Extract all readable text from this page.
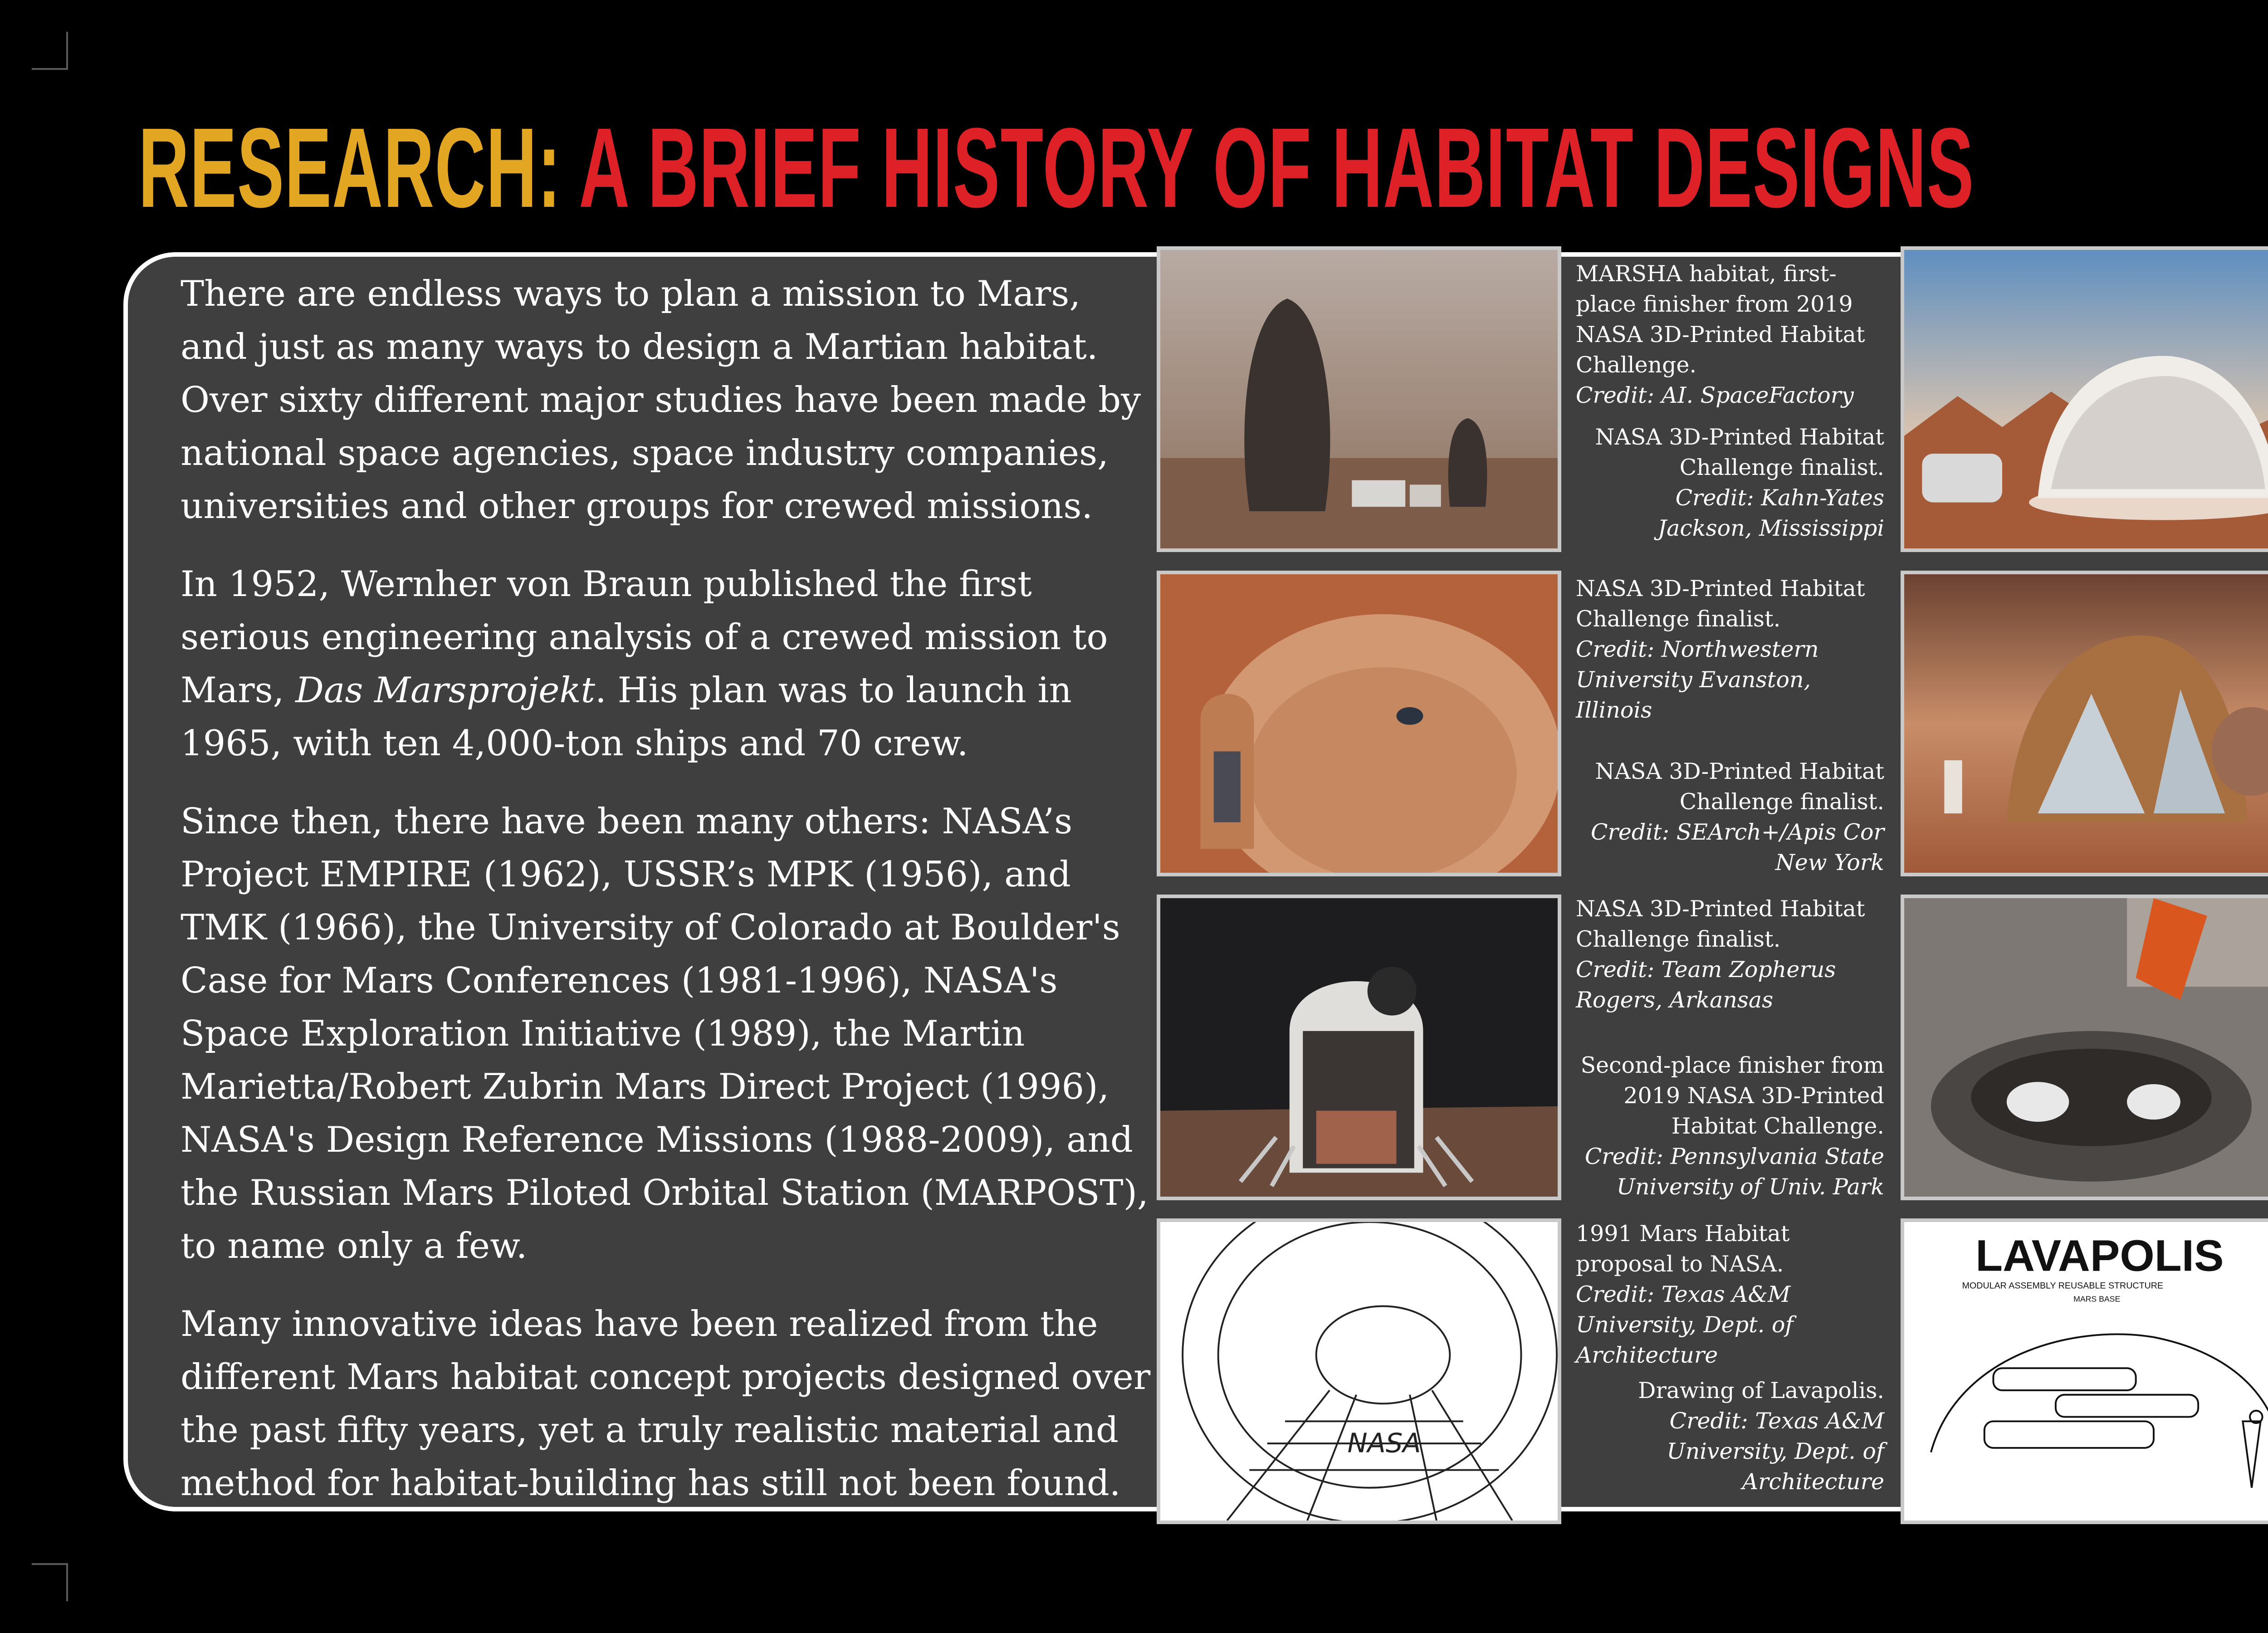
RESEARCH: A BRIEF HISTORY OF HABITAT DESIGNS

There are endless ways to plan a mission to Mars, and just as many ways to design a Martian habitat. Over sixty different major studies have been made by national space agencies, space industry companies, universities and other groups for crewed missions.

In 1952, Wernher von Braun published the first serious engineering analysis of a crewed mission to Mars, Das Marsprojekt. His plan was to launch in 1965, with ten 4,000-ton ships and 70 crew.

Since then, there have been many others: NASA’s Project EMPIRE (1962), USSR’s MPK (1956), and TMK (1966), the University of Colorado at Boulder's Case for Mars Conferences (1981-1996), NASA's Space Exploration Initiative (1989), the Martin Marietta/Robert Zubrin Mars Direct Project (1996), NASA's Design Reference Missions (1988-2009), and the Russian Mars Piloted Orbital Station (MARPOST), to name only a few.

Many innovative ideas have been realized from the different Mars habitat concept projects designed over the past fifty years, yet a truly realistic material and method for habitat-building has still not been found.

NASA
LAVAPOLIS
MODULAR ASSEMBLY REUSABLE STRUCTURE
MARS BASE
MARSHA habitat, first-place finisher from 2019 NASA 3D-Printed Habitat Challenge.
Credit: AI. SpaceFactory
NASA 3D-Printed Habitat Challenge finalist.
Credit: Kahn-Yates Jackson, Mississippi
NASA 3D-Printed Habitat Challenge finalist.
Credit: Northwestern University Evanston, Illinois
NASA 3D-Printed Habitat Challenge finalist.
Credit: SEArch+/Apis Cor New York
NASA 3D-Printed Habitat Challenge finalist.
Credit: Team Zopherus Rogers, Arkansas
Second-place finisher from 2019 NASA 3D-Printed Habitat Challenge.
Credit: Pennsylvania State University of Univ. Park
1991 Mars Habitat proposal to NASA.
Credit: Texas A&M University, Dept. of Architecture
Drawing of Lavapolis.
Credit: Texas A&M University, Dept. of Architecture
